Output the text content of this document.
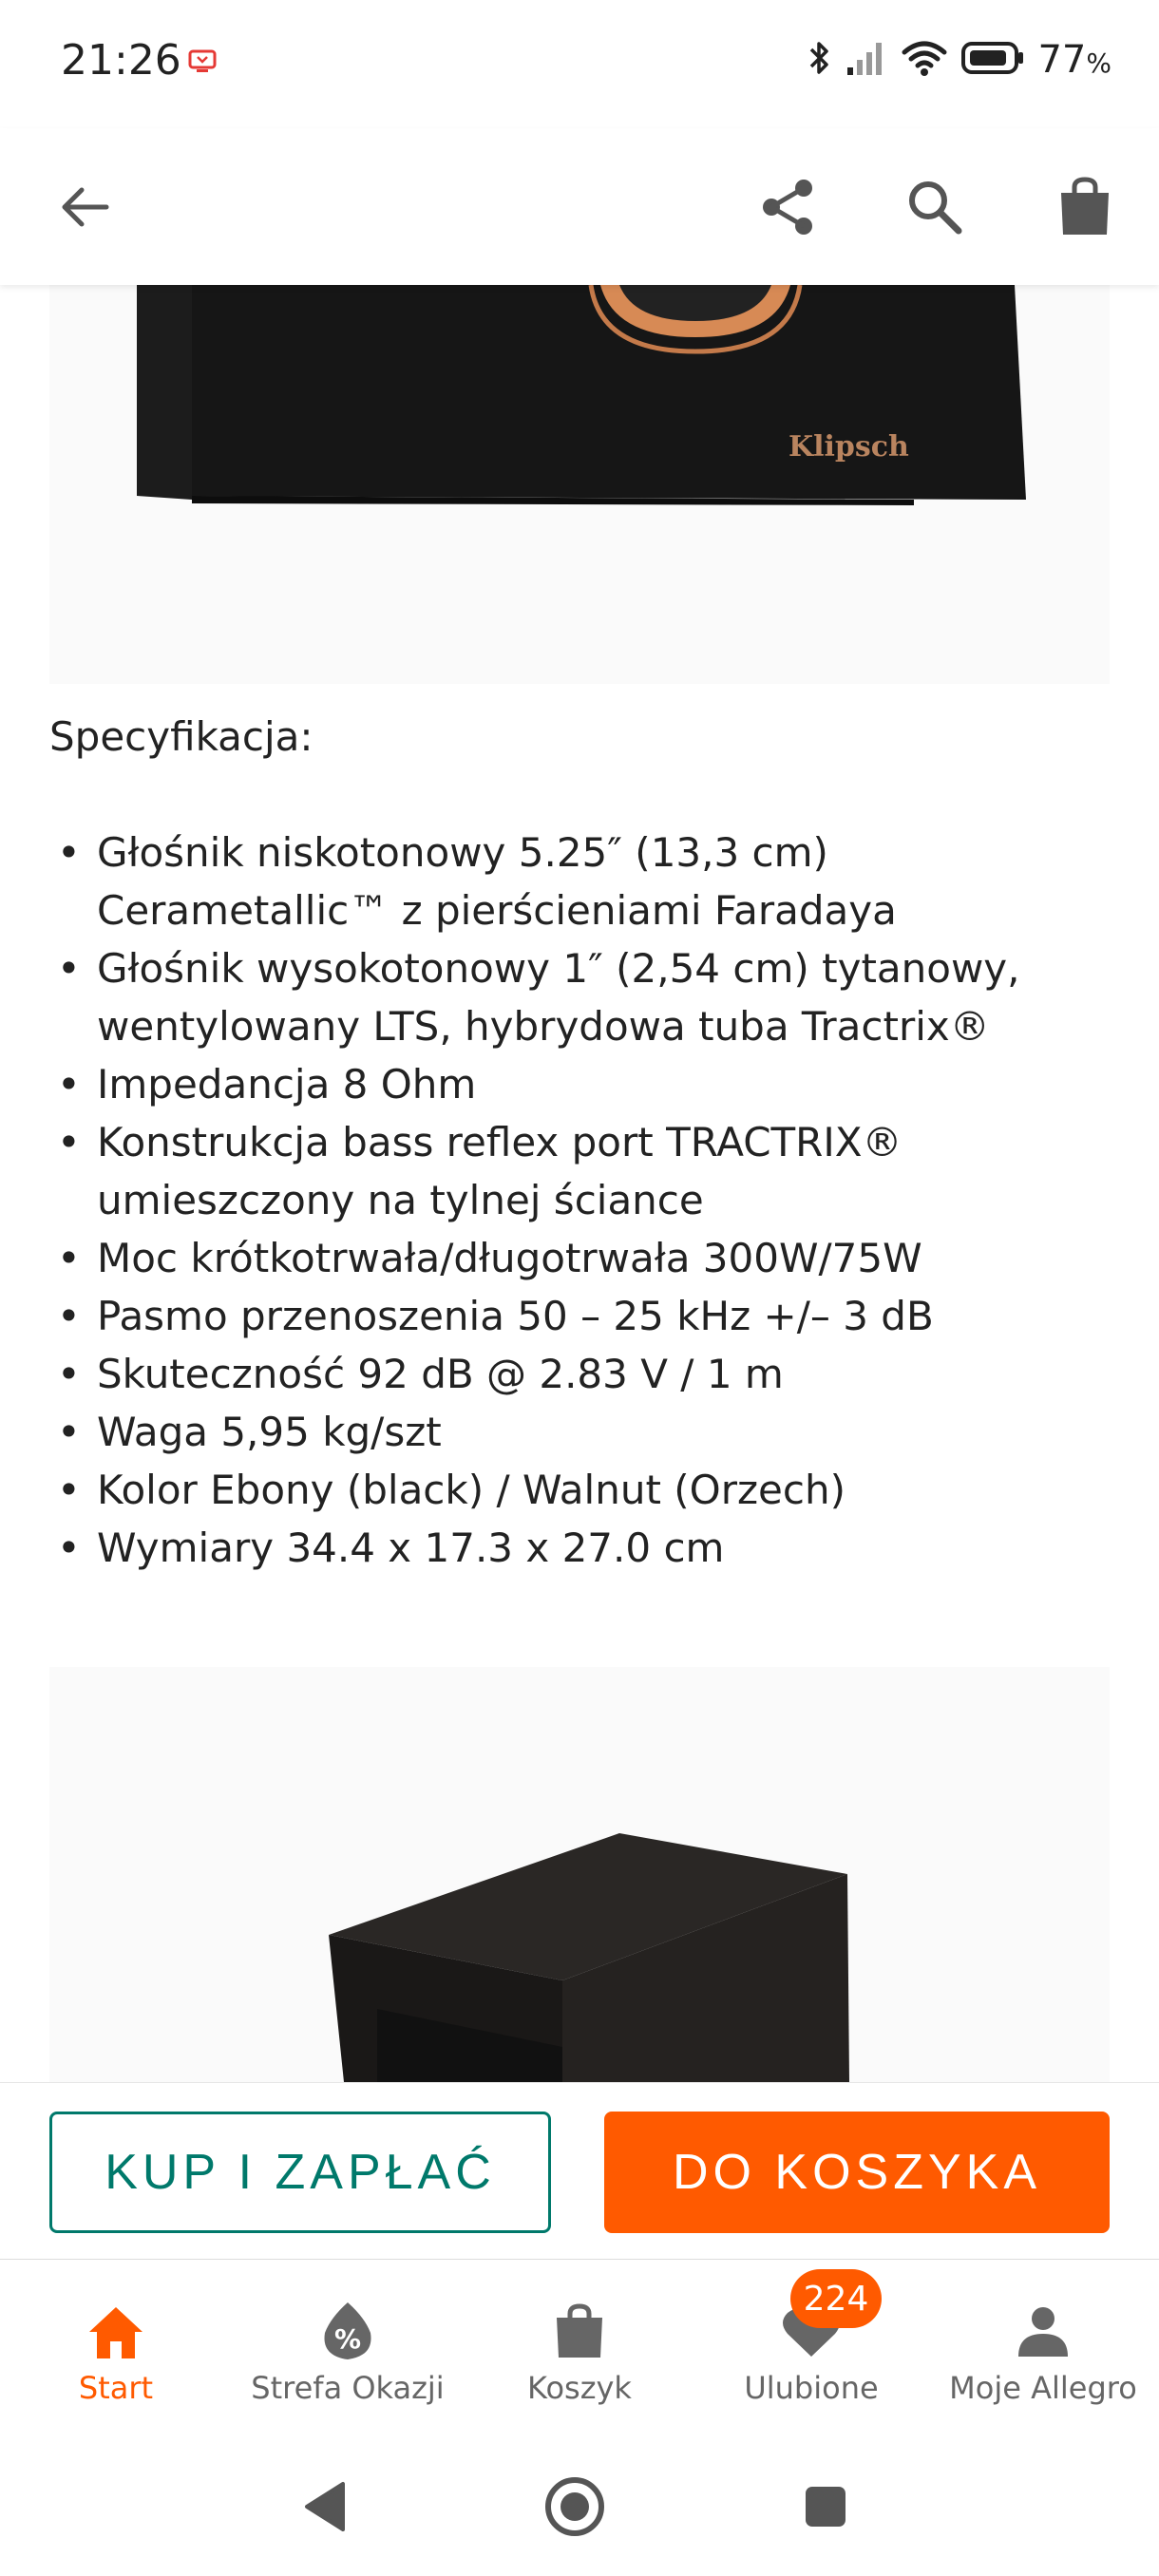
21:26	77%
Klipsch

Specyfikacja:

• Głośnik niskotonowy 5.25″ (13,3 cm) Cerametallic™ z pierścieniami Faradaya
• Głośnik wysokotonowy 1″ (2,54 cm) tytanowy, wentylowany LTS, hybrydowa tuba Tractrix®
• Impedancja 8 Ohm
• Konstrukcja bass reflex port TRACTRIX® umieszczony na tylnej ściance
• Moc krótkotrwała/długotrwała 300W/75W
• Pasmo przenoszenia 50 – 25 kHz +/– 3 dB
• Skuteczność 92 dB @ 2.83 V / 1 m
• Waga 5,95 kg/szt
• Kolor Ebony (black) / Walnut (Orzech)
• Wymiary 34.4 x 17.3 x 27.0 cm
KUP I ZAPŁAĆ	DO KOSZYKA
Start
%
Strefa Okazji	Koszyk
224
Ulubione	Moje Allegro
